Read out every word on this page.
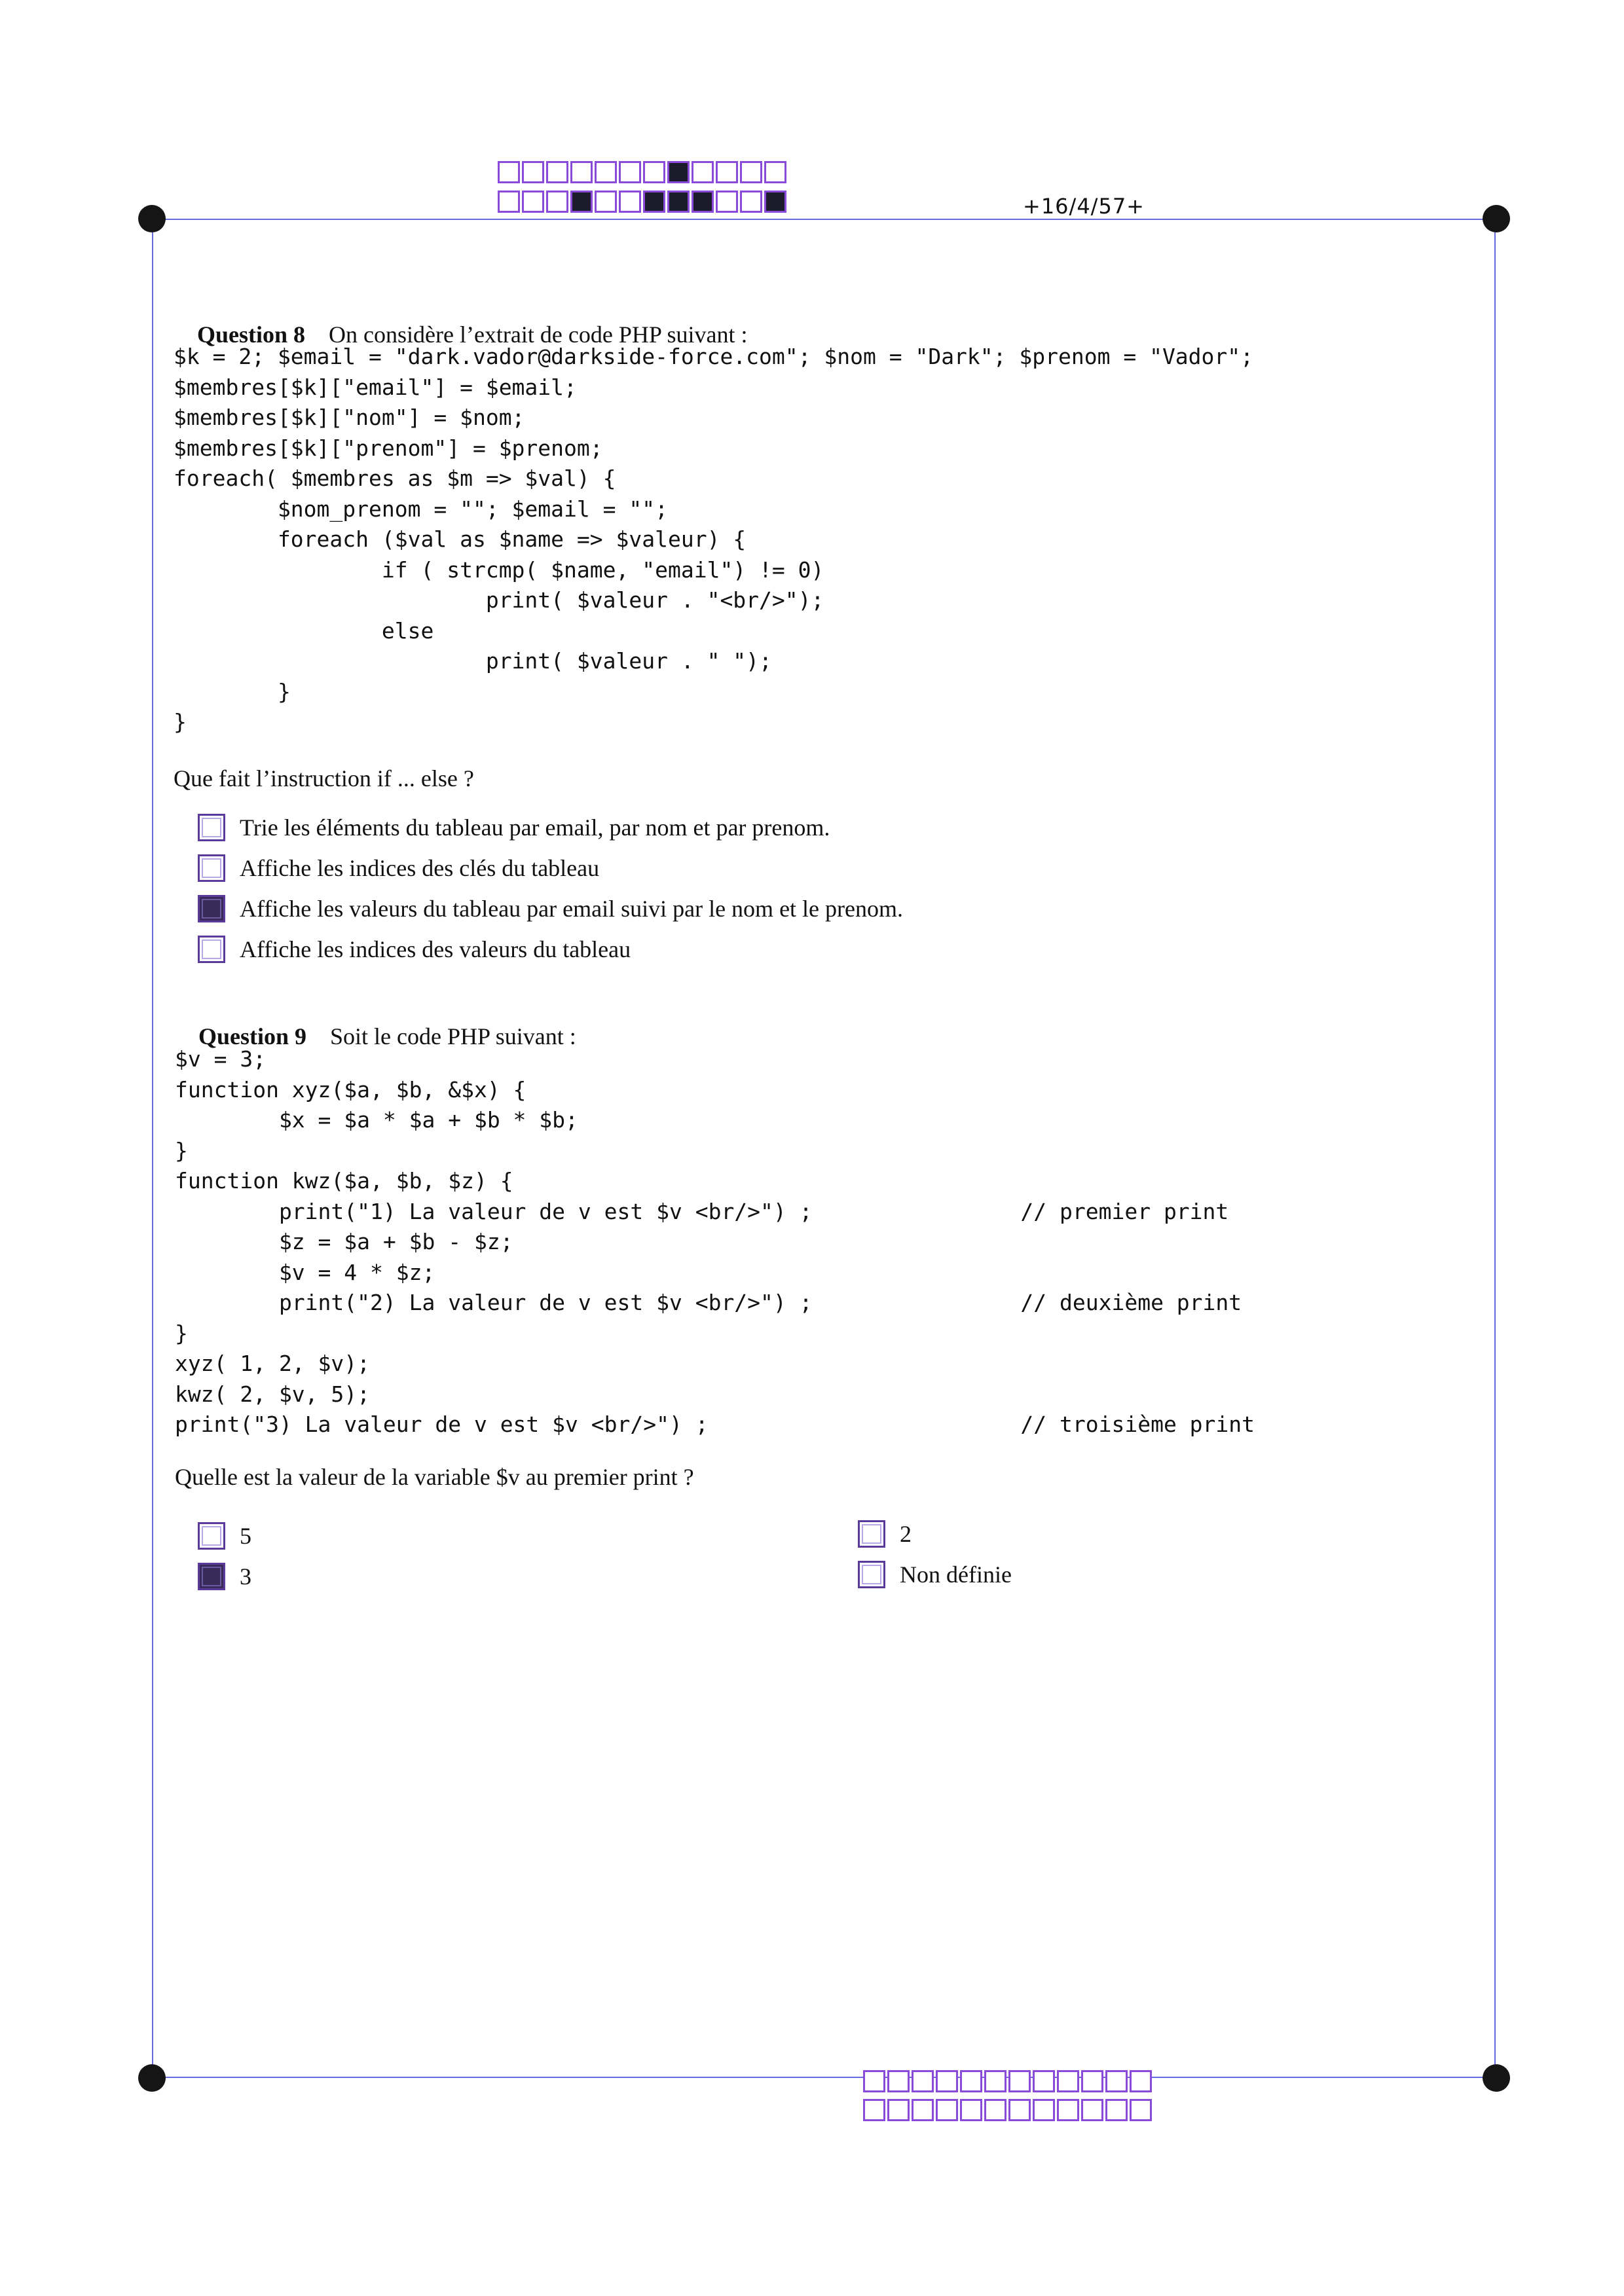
+16/4/57+

Question 8 On considère l’extrait de code PHP suivant :

$k = 2; $email = "dark.vador@darkside-force.com"; $nom = "Dark"; $prenom = "Vador";
$membres[$k]["email"] = $email;
$membres[$k]["nom"] = $nom;
$membres[$k]["prenom"] = $prenom;
foreach( $membres as $m => $val) {
$nom_prenom = ""; $email = "";
foreach ($val as $name => $valeur) {
if ( strcmp( $name, "email") != 0)
print( $valeur . "<br/>");
else
print( $valeur . " ");
}
}
Que fait l’instruction if ... else ?
Trie les éléments du tableau par email, par nom et par prenom.
Affiche les indices des clés du tableau
Affiche les valeurs du tableau par email suivi par le nom et le prenom.
Affiche les indices des valeurs du tableau

Question 9 Soit le code PHP suivant :

$v = 3;
function xyz($a, $b, &$x) {
$x = $a * $a + $b * $b;
}
function kwz($a, $b, $z) {
print("1) La valeur de v est $v <br/>") ;                // premier print
$z = $a + $b - $z;
$v = 4 * $z;
print("2) La valeur de v est $v <br/>") ;                // deuxième print
}
xyz( 1, 2, $v);
kwz( 2, $v, 5);
print("3) La valeur de v est $v <br/>") ;                        // troisième print
Quelle est la valeur de la variable $v au premier print ?
5
3
2
Non définie
